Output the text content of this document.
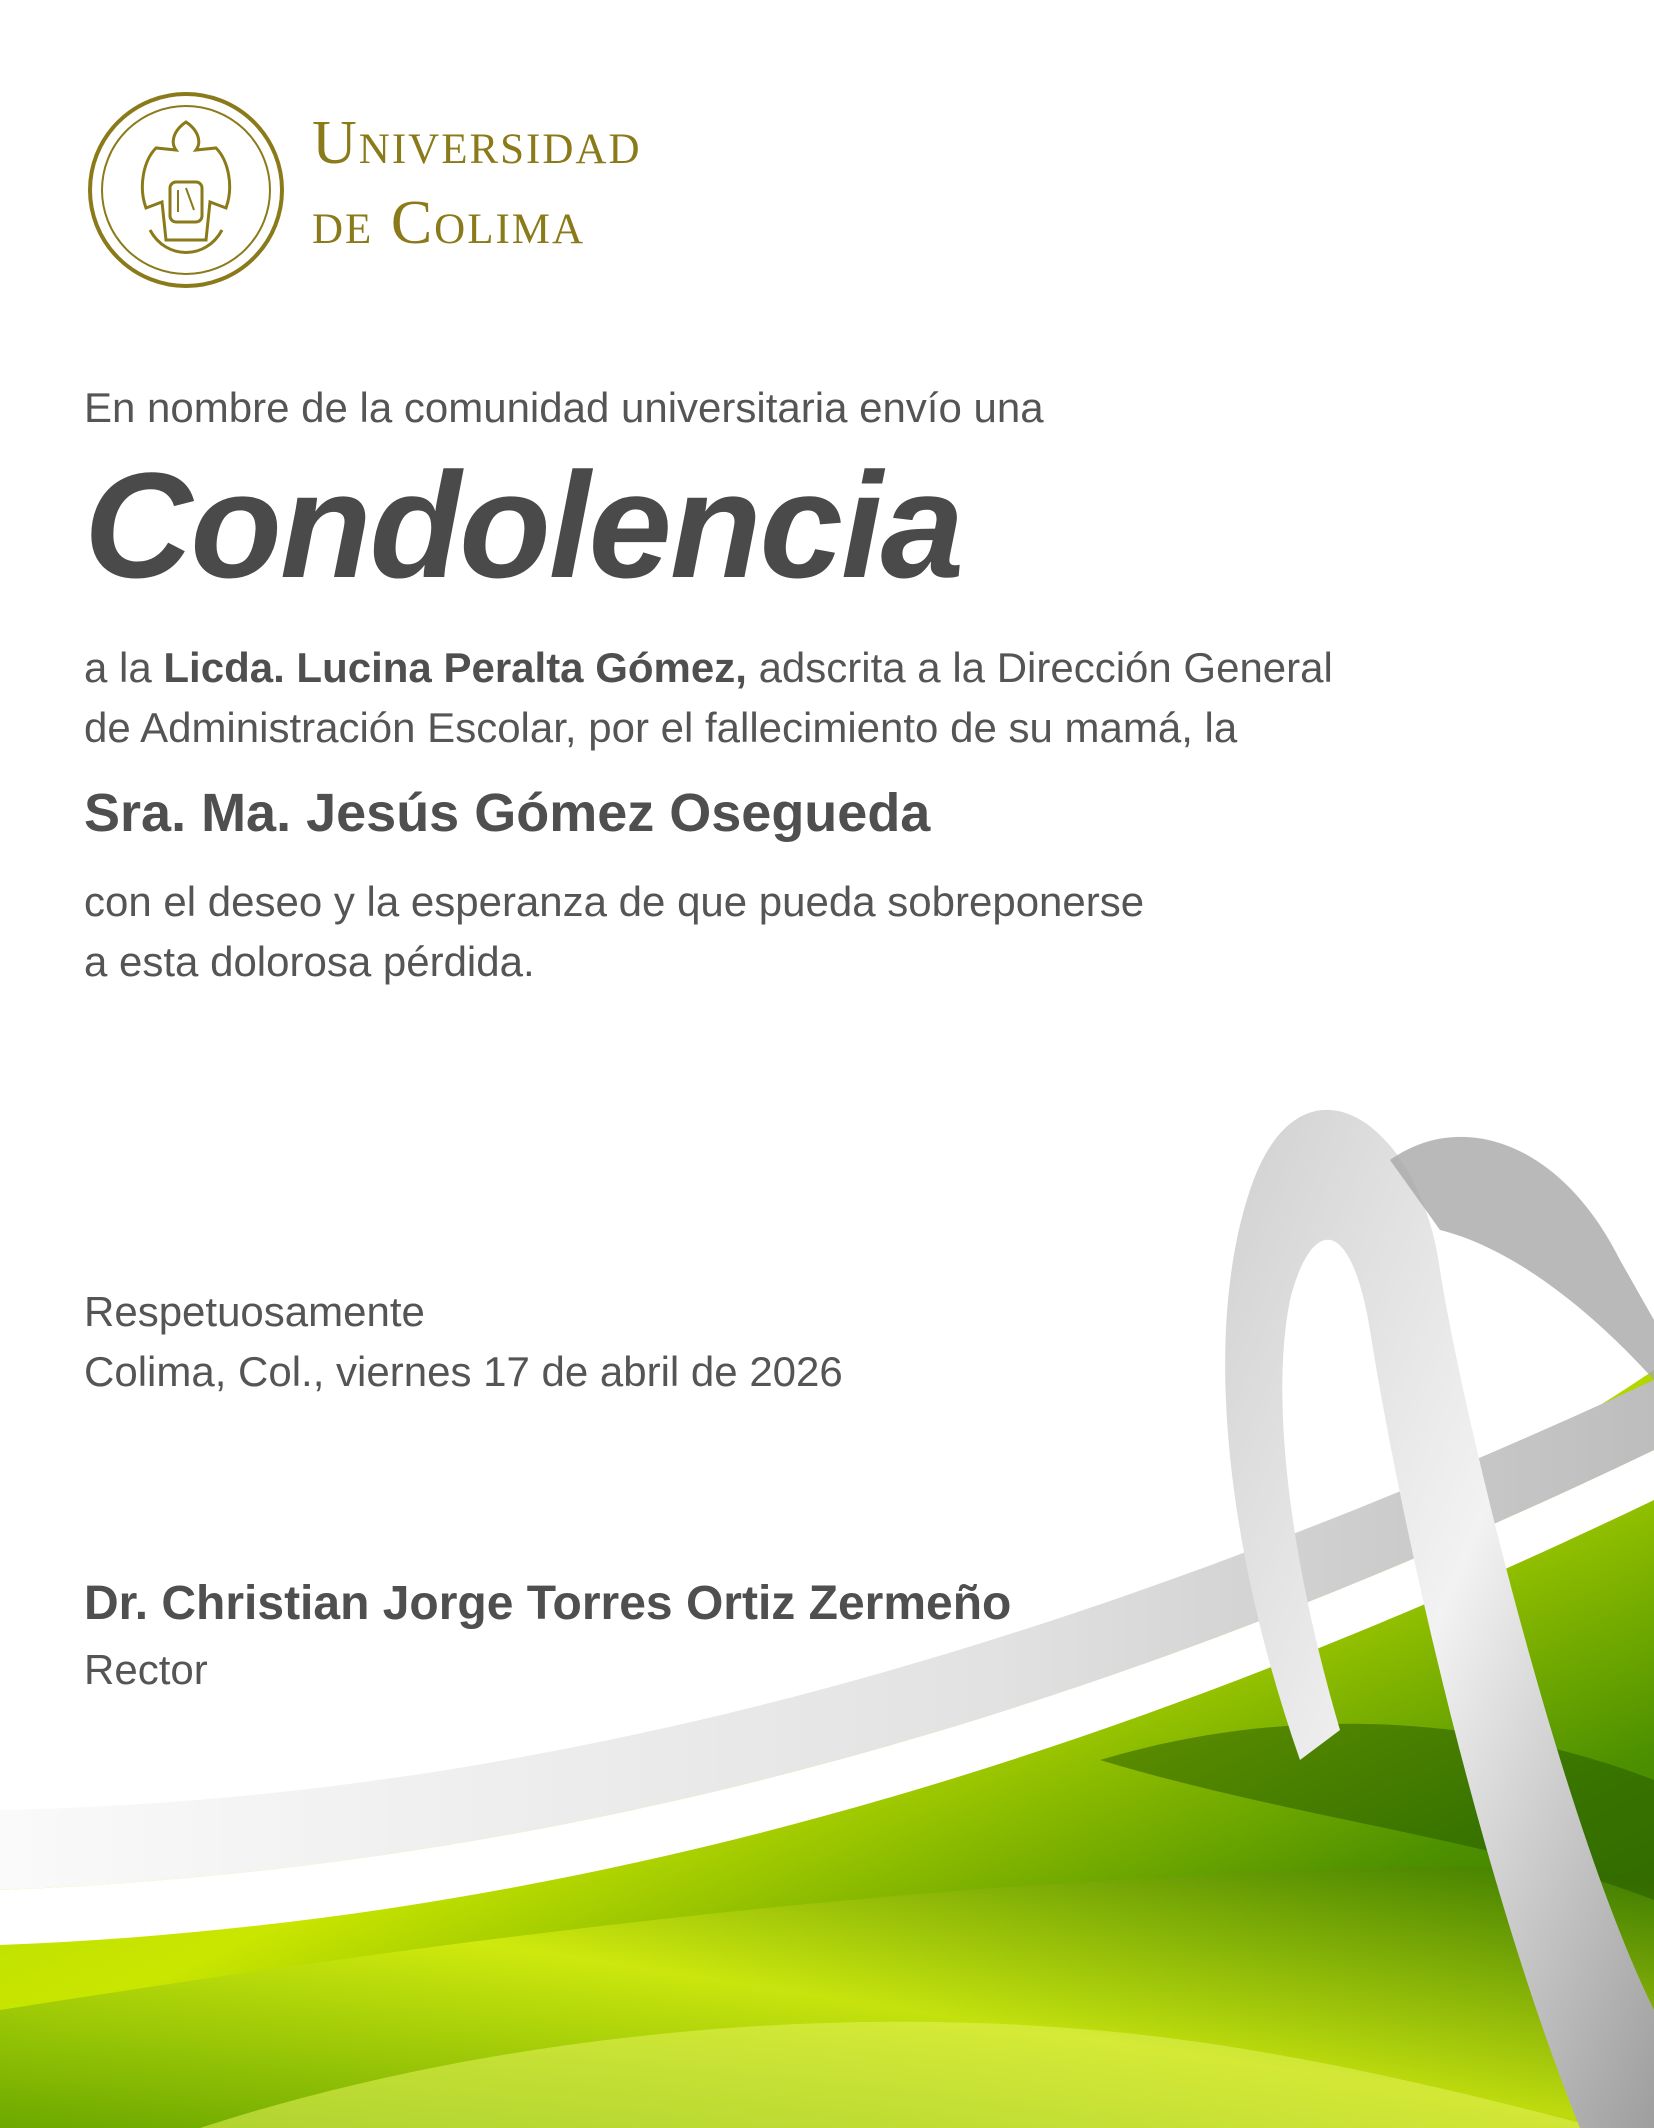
Universidad
de Colima
En nombre de la comunidad universitaria envío una
Condolencia
a la Licda. Lucina Peralta Gómez, adscrita a la Dirección General
de Administración Escolar, por el fallecimiento de su mamá, la
Sra. Ma. Jesús Gómez Osegueda
con el deseo y la esperanza de que pueda sobreponerse
a esta dolorosa pérdida.
Respetuosamente
Colima, Col., viernes 17 de abril de 2026
Dr. Christian Jorge Torres Ortiz Zermeño
Rector
